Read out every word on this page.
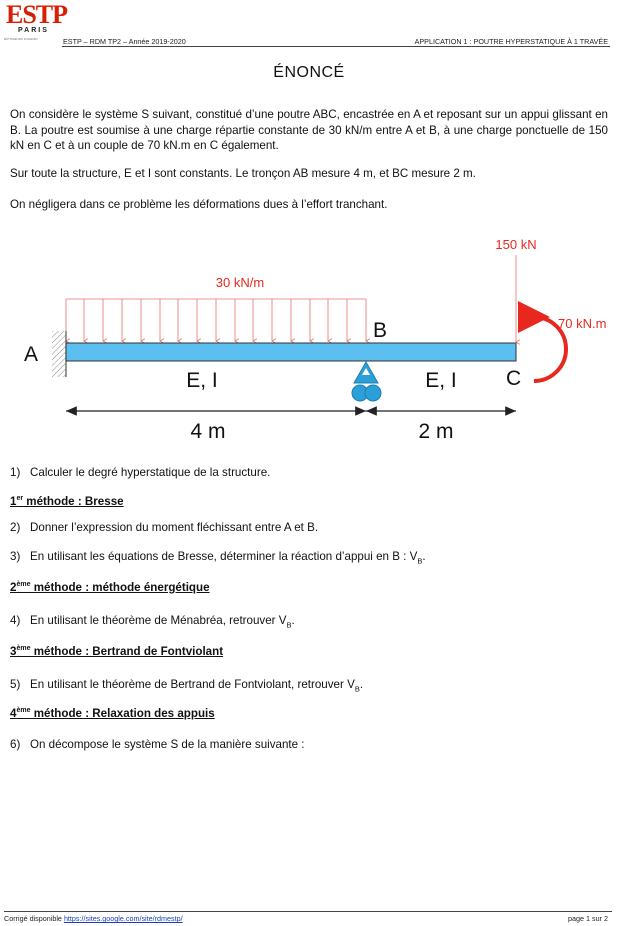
ESTP
PARIS
BÂTISSEURS D'AVENIR	ESTP – RDM TP2 – Année 2019-2020	APPLICATION 1 : POUTRE HYPERSTATIQUE À 1 TRAVÉE
ÉNONCÉ
On considère le système S suivant, constitué d’une poutre ABC, encastrée en A et reposant sur un appui glissant en B. La poutre est soumise à une charge répartie constante de 30 kN/m entre A et B, à une charge ponctuelle de 150 kN en C et à un couple de 70 kN.m en C également.
Sur toute la structure, E et I sont constants. Le tronçon AB mesure 4 m, et BC mesure 2 m.
On négligera dans ce problème les déformations dues à l’effort tranchant.
30 kN/m
150 kN
70 kN.m
A
B
C
E, I	E, I
4 m	2 m
1) Calculer le degré hyperstatique de la structure.
1er méthode : Bresse
2) Donner l’expression du moment fléchissant entre A et B.
3) En utilisant les équations de Bresse, déterminer la réaction d’appui en B : $V_B$.
2ème méthode : méthode énergétique
4) En utilisant le théorème de Ménabréa, retrouver $V_B$.
3ème méthode : Bertrand de Fontviolant
5) En utilisant le théorème de Bertrand de Fontviolant, retrouver $V_B$.
4ème méthode : Relaxation des appuis
6) On décompose le système S de la manière suivante :
Corrigé disponible https://sites.google.com/site/rdmestp/	page 1 sur 2
